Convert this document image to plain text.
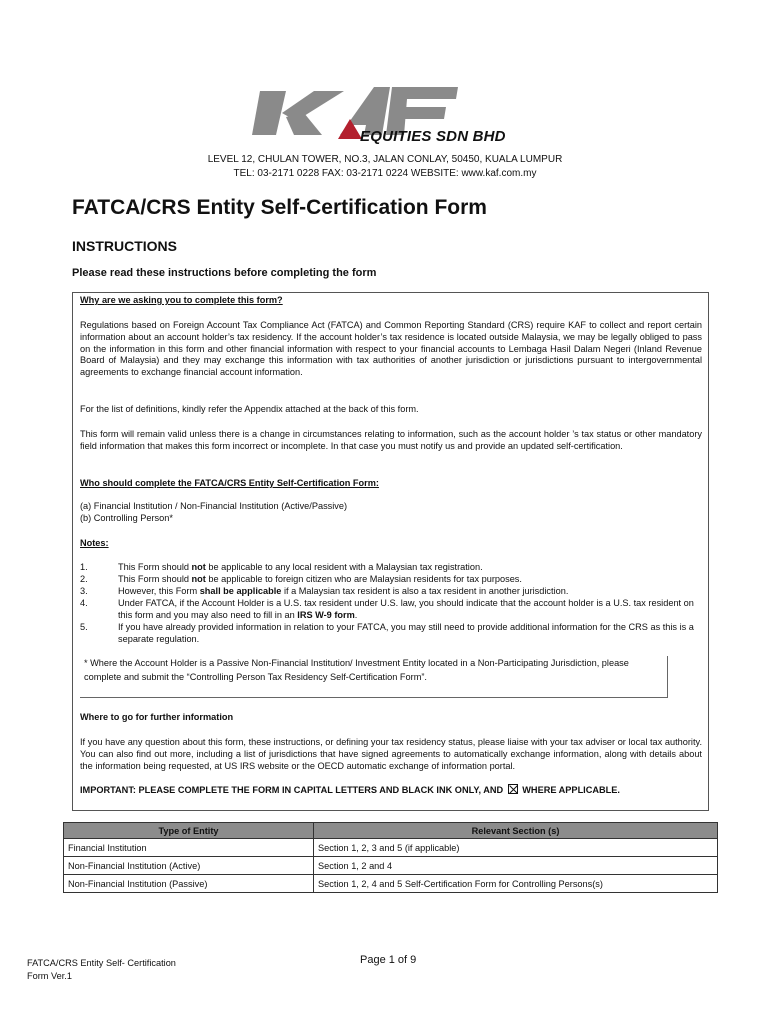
EQUITIES SDN BHD
LEVEL 12, CHULAN TOWER, NO.3, JALAN CONLAY, 50450, KUALA LUMPUR
TEL: 03-2171 0228 FAX: 03-2171 0224 WEBSITE: www.kaf.com.my
FATCA/CRS Entity Self-Certification Form
INSTRUCTIONS
Please read these instructions before completing the form
Why are we asking you to complete this form?
Regulations based on Foreign Account Tax Compliance Act (FATCA) and Common Reporting Standard (CRS) require KAF to collect and report certain information about an account holder’s tax residency. If the account holder’s tax residence is located outside Malaysia, we may be legally obliged to pass on the information in this form and other financial information with respect to your financial accounts to Lembaga Hasil Dalam Negeri (Inland Revenue Board of Malaysia) and they may exchange this information with tax authorities of another jurisdiction or jurisdictions pursuant to intergovernmental agreements to exchange financial account information.
For the list of definitions, kindly refer the Appendix attached at the back of this form.
This form will remain valid unless there is a change in circumstances relating to information, such as the account holder ’s tax status or other mandatory field information that makes this form incorrect or incomplete. In that case you must notify us and provide an updated self-certification.
Who should complete the FATCA/CRS Entity Self-Certification Form:
(a) Financial Institution / Non-Financial Institution (Active/Passive)
(b) Controlling Person*
Notes:
1.	This Form should not be applicable to any local resident with a Malaysian tax registration.
2.	This Form should not be applicable to foreign citizen who are Malaysian residents for tax purposes.
3.	However, this Form shall be applicable if a Malaysian tax resident is also a tax resident in another jurisdiction.
4.	Under FATCA, if the Account Holder is a U.S. tax resident under U.S. law, you should indicate that the account holder is a U.S. tax resident on this form and you may also need to fill in an IRS W-9 form.
5.	If you have already provided information in relation to your FATCA, you may still need to provide additional information for the CRS as this is a separate regulation.
* Where the Account Holder is a Passive Non-Financial Institution/ Investment Entity located in a Non-Participating Jurisdiction, please complete and submit the “Controlling Person Tax Residency Self-Certification Form”.
Where to go for further information
If you have any question about this form, these instructions, or defining your tax residency status, please liaise with your tax adviser or local tax authority. You can also find out more, including a list of jurisdictions that have signed agreements to automatically exchange information, along with details about the information being requested, at US IRS website or the OECD automatic exchange of information portal.
IMPORTANT: PLEASE COMPLETE THE FORM IN CAPITAL LETTERS AND BLACK INK ONLY, AND WHERE APPLICABLE.
Type of Entity	Relevant Section (s)
Financial Institution	Section 1, 2, 3 and 5 (if applicable)
Non-Financial Institution (Active)	Section 1, 2 and 4
Non-Financial Institution (Passive)	Section 1, 2, 4 and 5 Self-Certification Form for Controlling Persons(s)
FATCA/CRS Entity Self- Certification
Form Ver.1
Page 1 of 9
